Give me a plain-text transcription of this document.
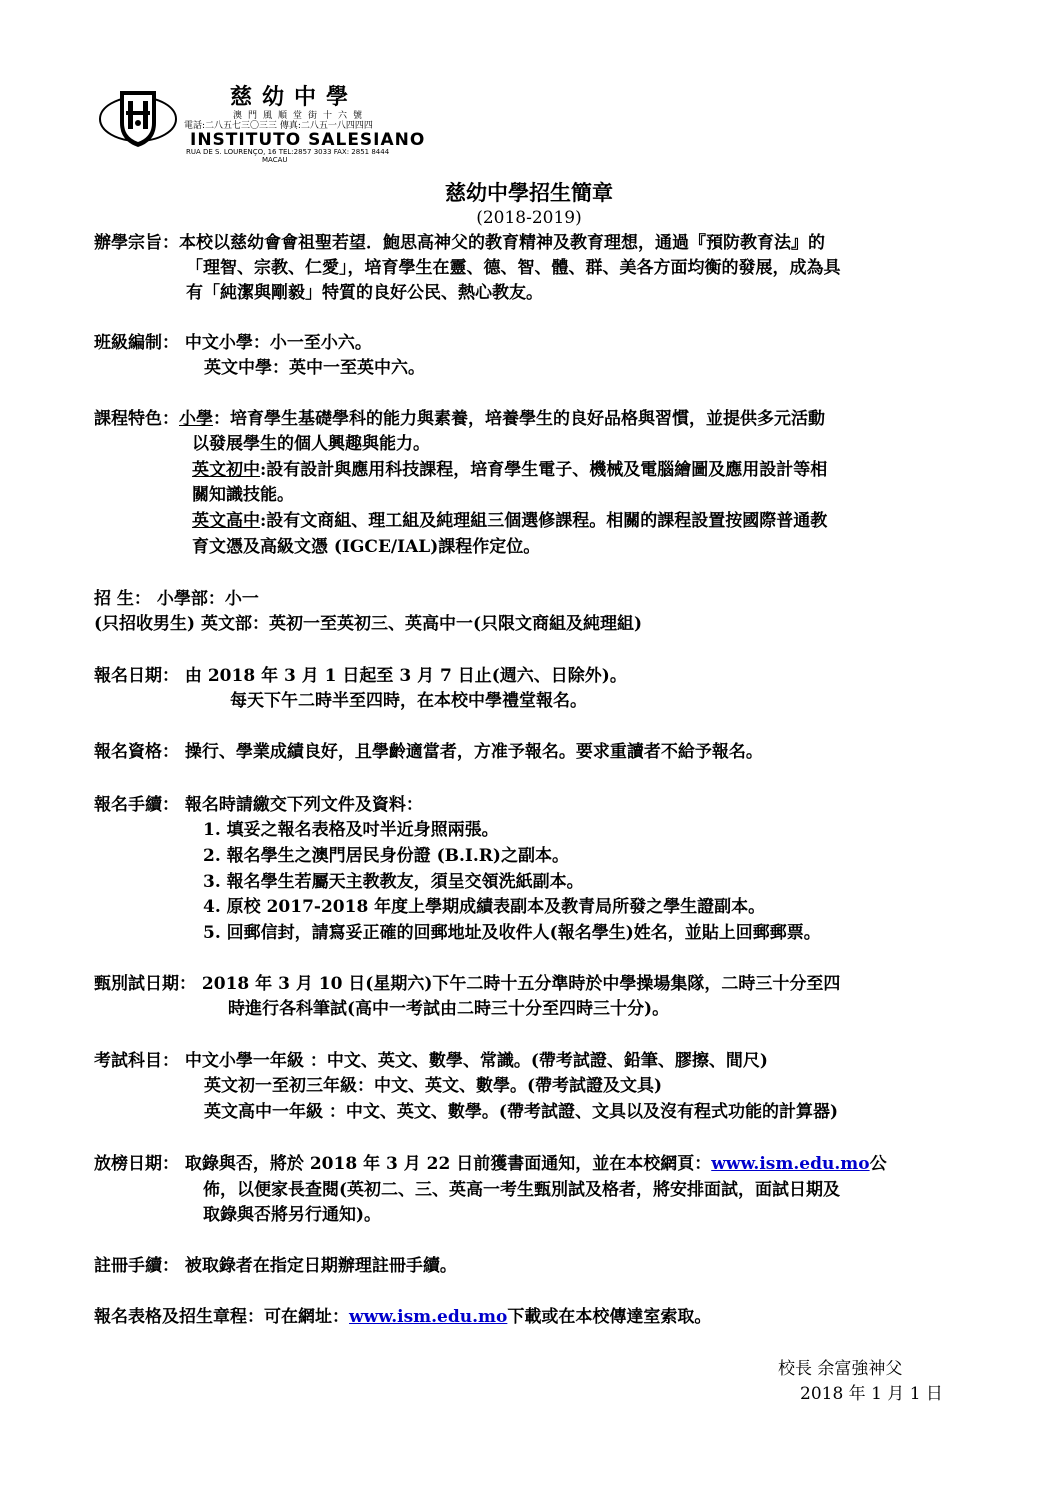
慈幼中學
澳門風順堂街十六號
電話:二八五七三〇三三 傳真:二八五一八四四四
INSTITUTO SALESIANO
RUA DE S. LOURENÇO, 16 TEL:2857 3033 FAX: 2851 8444
MACAU
慈幼中學招生簡章
(2018-2019)
辦學宗旨：本校以慈幼會會祖聖若望．鮑思高神父的教育精神及教育理想，通過『預防教育法』的
「理智、宗教、仁愛」，培育學生在靈、德、智、體、群、美各方面均衡的發展，成為具
有「純潔與剛毅」特質的良好公民、熱心教友。
班級編制： 中文小學：小一至小六。
英文中學：英中一至英中六。
課程特色：小學：培育學生基礎學科的能力與素養，培養學生的良好品格與習慣，並提供多元活動
以發展學生的個人興趣與能力。
英文初中:設有設計與應用科技課程，培育學生電子、機械及電腦繪圖及應用設計等相
關知識技能。
英文高中:設有文商組、理工組及純理組三個選修課程。相關的課程設置按國際普通教
育文憑及高級文憑 (IGCE/IAL)課程作定位。
招 生： 小學部：小一
(只招收男生) 英文部：英初一至英初三、英高中一(只限文商組及純理組)
報名日期： 由 2018 年 3 月 1 日起至 3 月 7 日止(週六、日除外)。
每天下午二時半至四時，在本校中學禮堂報名。
報名資格： 操行、學業成績良好，且學齡適當者，方准予報名。要求重讀者不給予報名。
報名手續： 報名時請繳交下列文件及資料：
1. 填妥之報名表格及吋半近身照兩張。
2. 報名學生之澳門居民身份證 (B.I.R)之副本。
3. 報名學生若屬天主教教友，須呈交領洗紙副本。
4. 原校 2017-2018 年度上學期成績表副本及教青局所發之學生證副本。
5. 回郵信封，請寫妥正確的回郵地址及收件人(報名學生)姓名，並貼上回郵郵票。
甄別試日期： 2018 年 3 月 10 日(星期六)下午二時十五分準時於中學操場集隊，二時三十分至四
時進行各科筆試(高中一考試由二時三十分至四時三十分)。
考試科目： 中文小學一年級 ：中文、英文、數學、常識。(帶考試證、鉛筆、膠擦、間尺)
英文初一至初三年級：中文、英文、數學。(帶考試證及文具)
英文高中一年級 ：中文、英文、數學。(帶考試證、文具以及沒有程式功能的計算器)
放榜日期： 取錄與否，將於 2018 年 3 月 22 日前獲書面通知，並在本校網頁：www.ism.edu.mo公
佈，以便家長查閱(英初二、三、英高一考生甄別試及格者，將安排面試，面試日期及
取錄與否將另行通知)。
註冊手續： 被取錄者在指定日期辦理註冊手續。
報名表格及招生章程：可在網址：www.ism.edu.mo下載或在本校傳達室索取。
校長 余富強神父
2018 年 1 月 1 日
